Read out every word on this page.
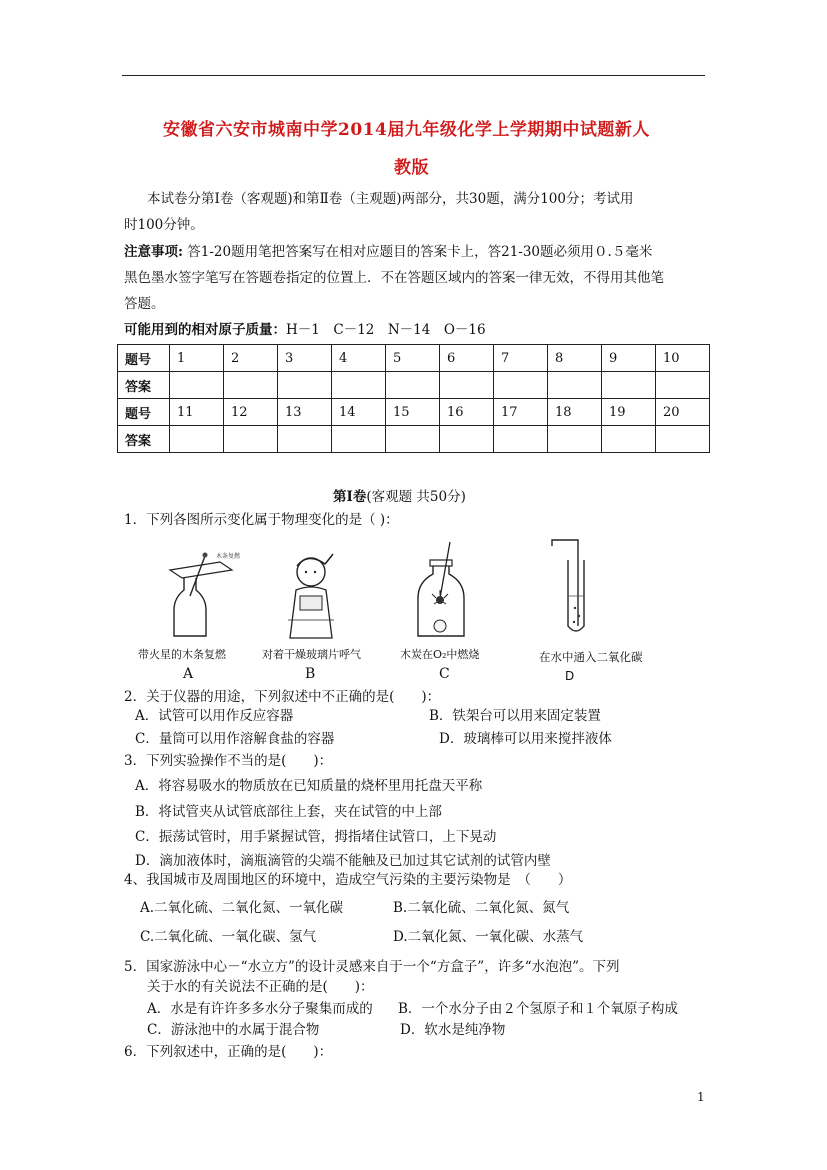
安徽省六安市城南中学2014届九年级化学上学期期中试题新人
教版
本试卷分第Ⅰ卷（客观题)和第Ⅱ卷（主观题)两部分，共30题，满分100分；考试用
时100分钟。
注意事项: 答1-20题用笔把答案写在相对应题目的答案卡上，答21-30题必须用０.５毫米
黑色墨水签字笔写在答题卷指定的位置上．不在答题区域内的答案一律无效，不得用其他笔
答题。
可能用到的相对原子质量：H－1　C－12　N－14　O－16
题号	1	2	3	4	5	6	7	8	9	10
答案										
题号	11	12	13	14	15	16	17	18	19	20
答案										
第Ⅰ卷(客观题 共50分)
1．下列各图所示变化属于物理变化的是（ )：
木条复燃
带火星的木条复燃
A
对着干燥玻璃片呼气
B
木炭在O₂中燃烧
C
在水中通入二氧化碳
D
2．关于仪器的用途，下列叙述中不正确的是(　　)：
A．试管可以用作反应容器	B．铁架台可以用来固定装置
C．量筒可以用作溶解食盐的容器	D．玻璃棒可以用来搅拌液体
3．下列实验操作不当的是(　　)：
A．将容易吸水的物质放在已知质量的烧杯里用托盘天平称
B．将试管夹从试管底部往上套，夹在试管的中上部
C．振荡试管时，用手紧握试管，拇指堵住试管口，上下晃动
D．滴加液体时，滴瓶滴管的尖端不能触及已加过其它试剂的试管内壁
4、我国城市及周围地区的环境中，造成空气污染的主要污染物是　（　　）
A.二氧化硫、二氧化氮、一氧化碳	B.二氧化硫、二氧化氮、氮气
C.二氧化硫、一氧化碳、氢气	D.二氧化氮、一氧化碳、水蒸气
5．国家游泳中心－“水立方”的设计灵感来自于一个“方盒子”，许多“水泡泡”。下列
关于水的有关说法不正确的是(　　)：
A．水是有许许多多水分子聚集而成的 B．一个水分子由２个氢原子和１个氧原子构成
C．游泳池中的水属于混合物	D．软水是纯净物
6．下列叙述中，正确的是(　　)：
1
